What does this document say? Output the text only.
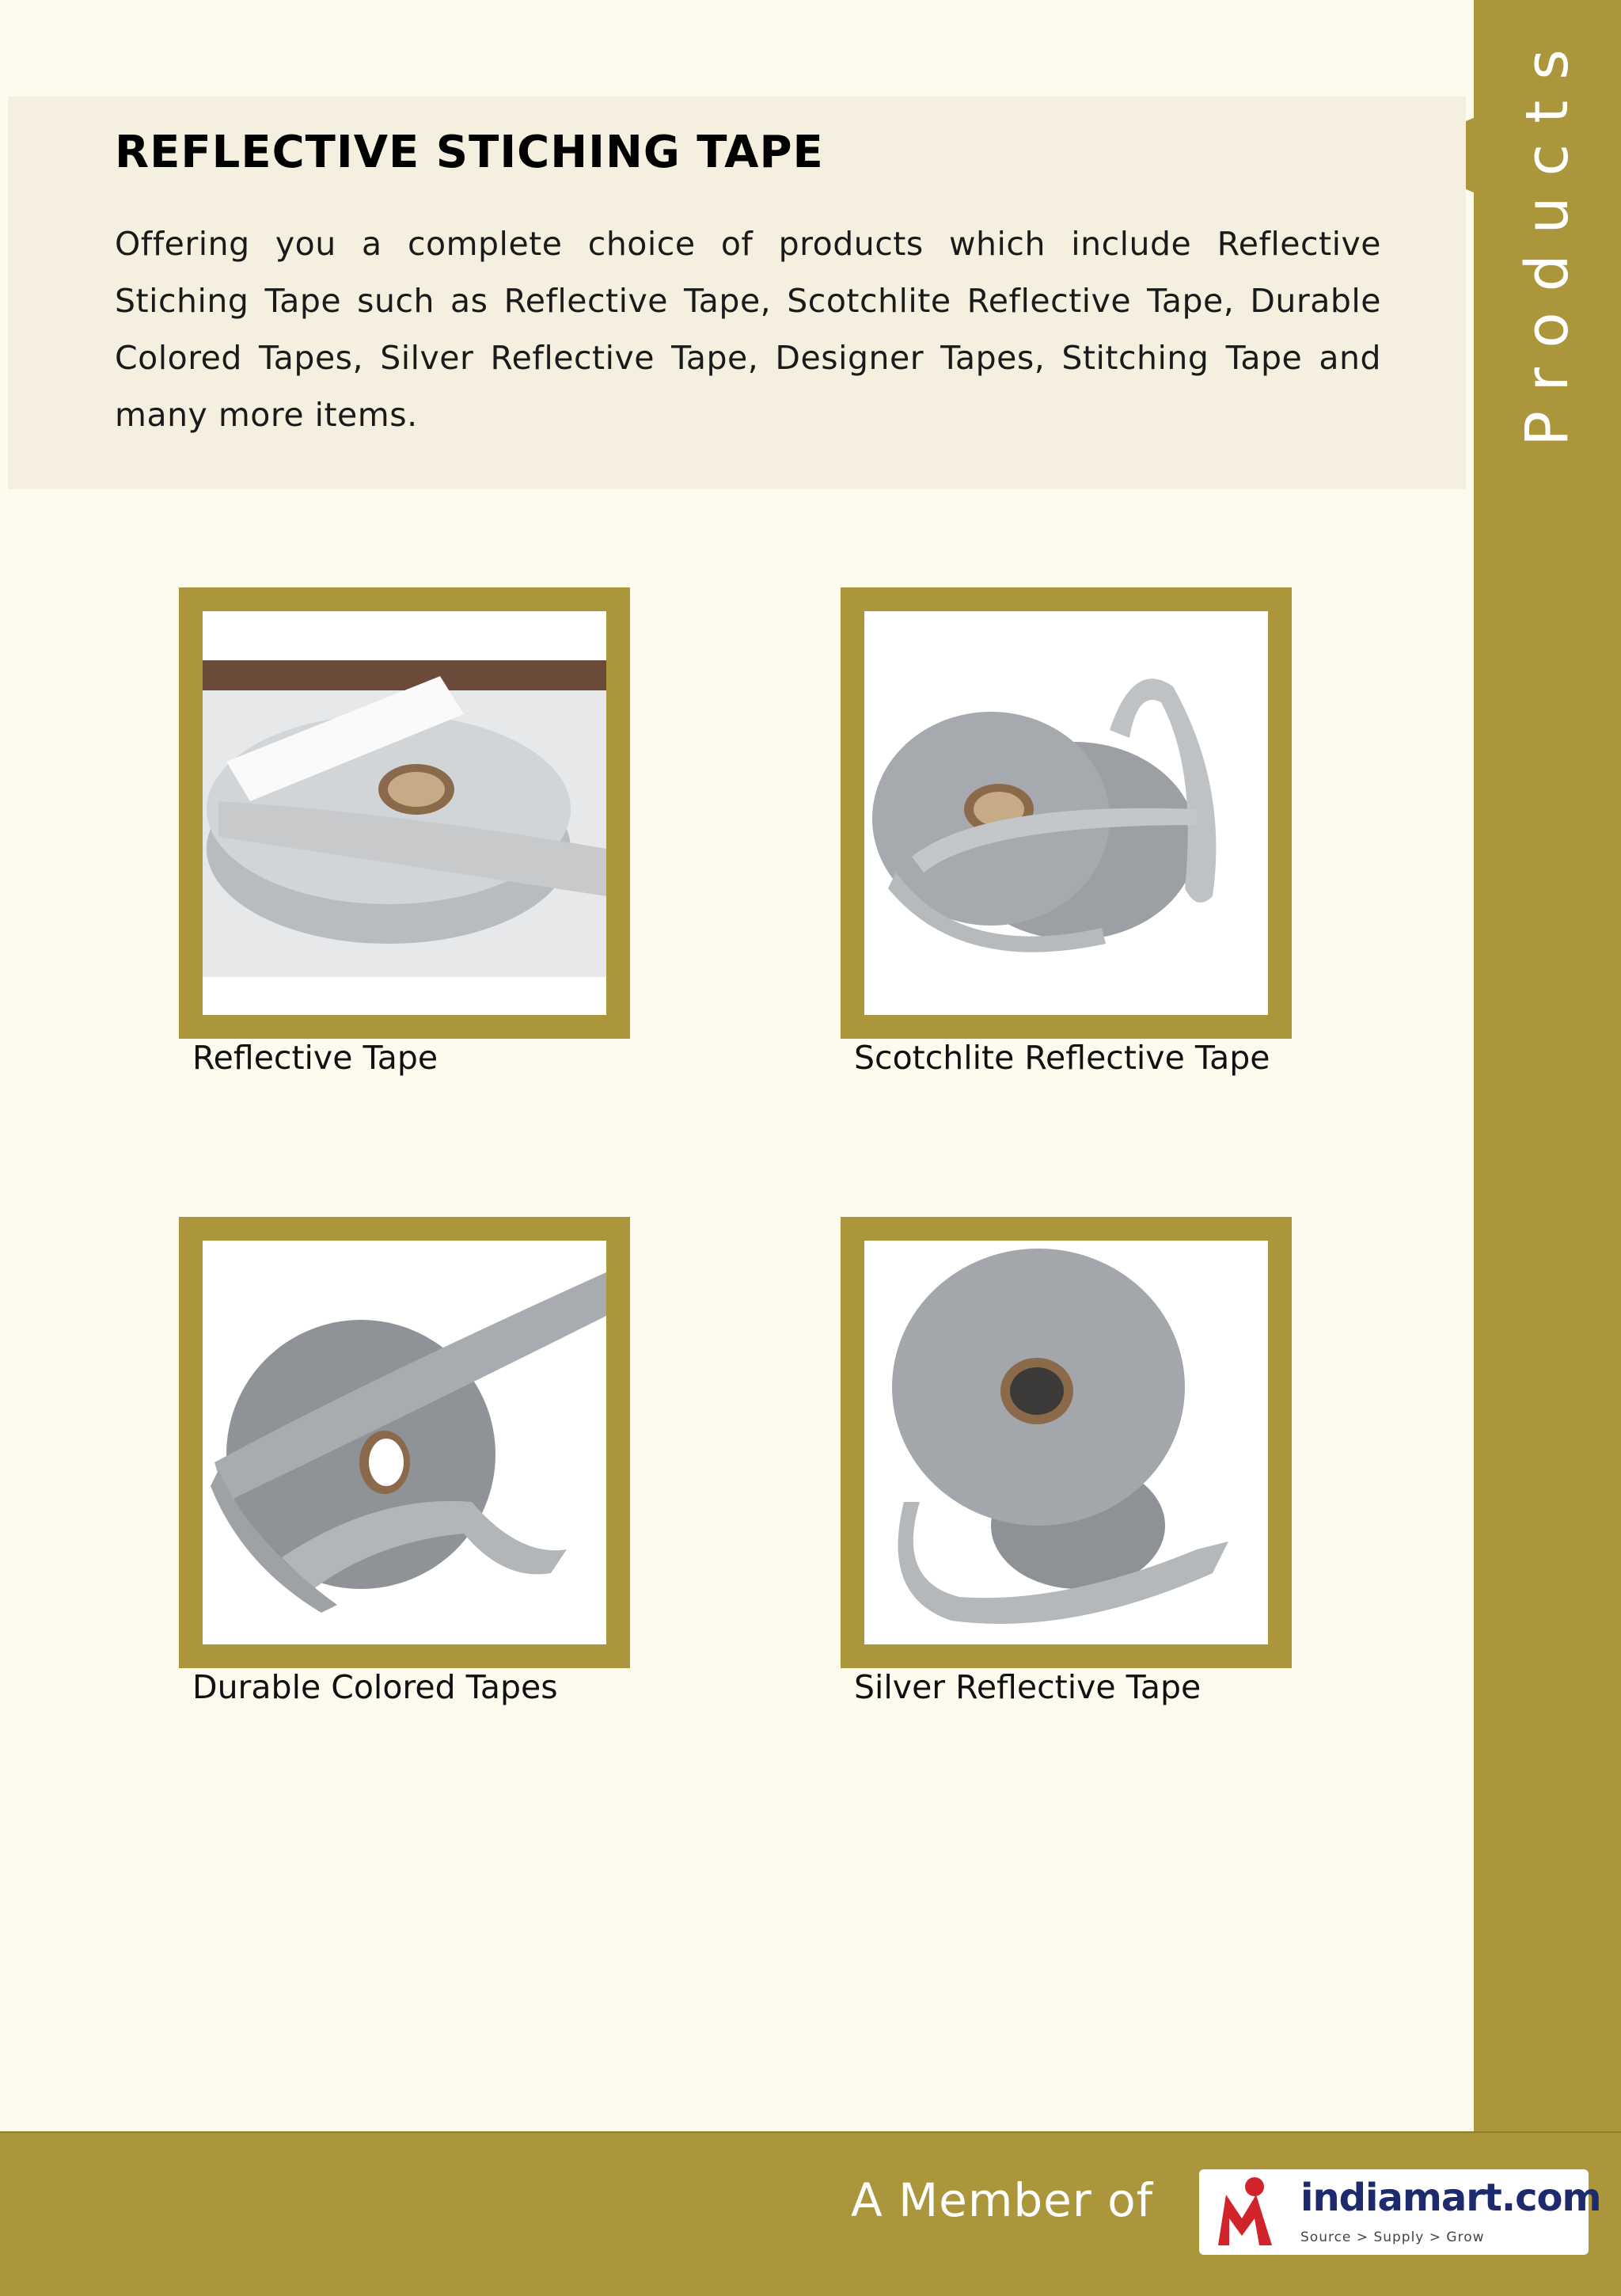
Products
REFLECTIVE STICHING TAPE

Offering you a complete choice of products which include Reflective Stiching Tape such as Reflective Tape, Scotchlite Reflective Tape, Durable Colored Tapes, Silver Reflective Tape, Designer Tapes, Stitching Tape and many more items.

Reflective Tape	Scotchlite Reflective Tape
Durable Colored Tapes	Silver Reflective Tape
A Member of	indiamart.com
Source > Supply > Grow
